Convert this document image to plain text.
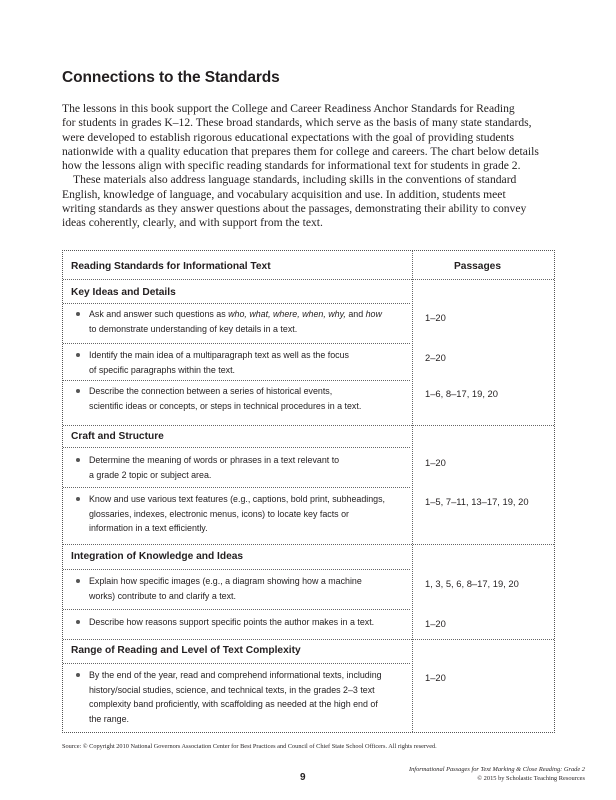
Connections to the Standards

The lessons in this book support the College and Career Readiness Anchor Standards for Reading
for students in grades K–12. These broad standards, which serve as the basis of many state standards,
were developed to establish rigorous educational expectations with the goal of providing students
nationwide with a quality education that prepares them for college and careers. The chart below details
how the lessons align with specific reading standards for informational text for students in grade 2.

These materials also address language standards, including skills in the conventions of standard
English, knowledge of language, and vocabulary acquisition and use. In addition, students meet
writing standards as they answer questions about the passages, demonstrating their ability to convey
ideas coherently, clearly, and with support from the text.

Reading Standards for Informational Text	Passages
Key Ideas and Details
Ask and answer such questions as who, what, where, when, why, and how
to demonstrate understanding of key details in a text.
1–20
Identify the main idea of a multiparagraph text as well as the focus
of specific paragraphs within the text.
2–20
Describe the connection between a series of historical events,
scientific ideas or concepts, or steps in technical procedures in a text.
1–6, 8–17, 19, 20
Craft and Structure
Determine the meaning of words or phrases in a text relevant to
a grade 2 topic or subject area.
1–20
Know and use various text features (e.g., captions, bold print, subheadings,
glossaries, indexes, electronic menus, icons) to locate key facts or
information in a text efficiently.
1–5, 7–11, 13–17, 19, 20
Integration of Knowledge and Ideas
Explain how specific images (e.g., a diagram showing how a machine
works) contribute to and clarify a text.
1, 3, 5, 6, 8–17, 19, 20
Describe how reasons support specific points the author makes in a text.	1–20
Range of Reading and Level of Text Complexity
By the end of the year, read and comprehend informational texts, including
history/social studies, science, and technical texts, in the grades 2–3 text
complexity band proficiently, with scaffolding as needed at the high end of
the range.
1–20
Source: © Copyright 2010 National Governors Association Center for Best Practices and Council of Chief State School Officers. All rights reserved.
9
Informational Passages for Text Marking & Close Reading: Grade 2
© 2015 by Scholastic Teaching Resources
